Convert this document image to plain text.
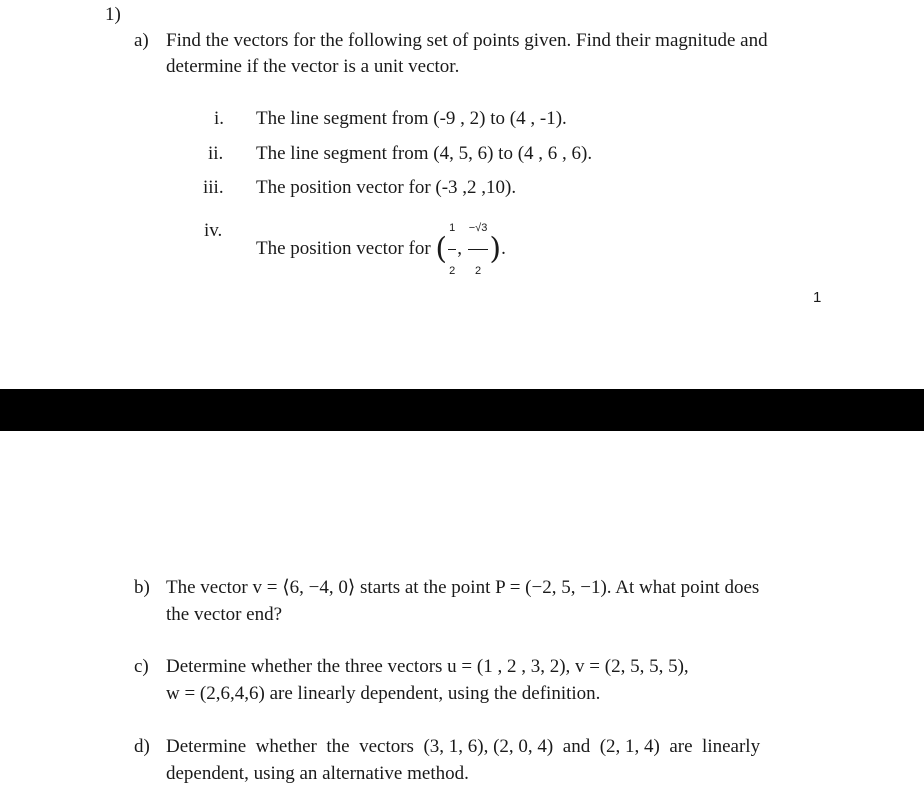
1)
a) Find the vectors for the following set of points given. Find their magnitude and
determine if the vector is a unit vector.
i. The line segment from (-9 , 2) to (4 , -1).
ii. The line segment from (4, 5, 6) to (4 , 6 , 6).
iii. The position vector for (-3 ,2 ,10).
iv.
The position vector for ( $\frac{1}{2}$ , $\frac{-√3}{2}$ ).
1
b) The vector v = ⟨6, −4, 0⟩ starts at the point P = (−2, 5, −1). At what point does
the vector end?
c) Determine whether the three vectors u = (1 , 2 , 3, 2), v = (2, 5, 5, 5),
w = (2,6,4,6) are linearly dependent, using the definition.
d) Determine  whether  the  vectors  (3, 1, 6), (2, 0, 4)  and  (2, 1, 4)  are  linearly
dependent, using an alternative method.
